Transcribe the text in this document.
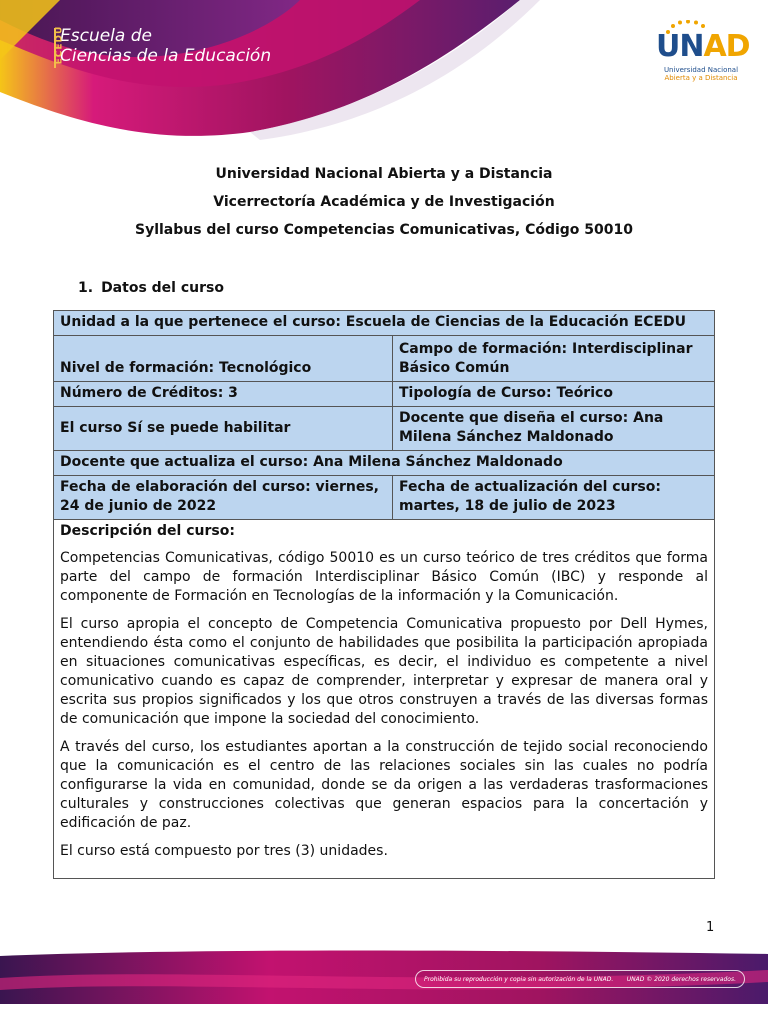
ECEDU
Escuela de
Ciencias de la Educación	UNAD
Universidad Nacional
Abierta y a Distancia
Universidad Nacional Abierta y a Distancia
Vicerrectoría Académica y de Investigación
Syllabus del curso Competencias Comunicativas, Código 50010
1. Datos del curso
Unidad a la que pertenece el curso: Escuela de Ciencias de la Educación ECEDU	
Nivel de formación: Tecnológico	Campo de formación: Interdisciplinar Básico Común
Número de Créditos: 3	Tipología de Curso: Teórico
El curso Sí se puede habilitar	Docente que diseña el curso: Ana Milena Sánchez Maldonado
Docente que actualiza el curso: Ana Milena Sánchez Maldonado	
Fecha de elaboración del curso: viernes, 24 de junio de 2022	Fecha de actualización del curso: martes, 18 de julio de 2023

Descripción del curso:

Competencias Comunicativas, código 50010 es un curso teórico de tres créditos que forma parte del campo de formación Interdisciplinar Básico Común (IBC) y responde al componente de Formación en Tecnologías de la información y la Comunicación.

El curso apropia el concepto de Competencia Comunicativa propuesto por Dell Hymes, entendiendo ésta como el conjunto de habilidades que posibilita la participación apropiada en situaciones comunicativas específicas, es decir, el individuo es competente a nivel comunicativo cuando es capaz de comprender, interpretar y expresar de manera oral y escrita sus propios significados y los que otros construyen a través de las diversas formas de comunicación que impone la sociedad del conocimiento.

A través del curso, los estudiantes aportan a la construcción de tejido social reconociendo que la comunicación es el centro de las relaciones sociales sin las cuales no podría configurarse la vida en comunidad, donde se da origen a las verdaderas trasformaciones culturales y construcciones colectivas que generan espacios para la concertación y edificación de paz.

El curso está compuesto por tres (3) unidades.	

1
Prohibida su reproducción y copia sin autorización de la UNAD. UNAD © 2020 derechos reservados.
